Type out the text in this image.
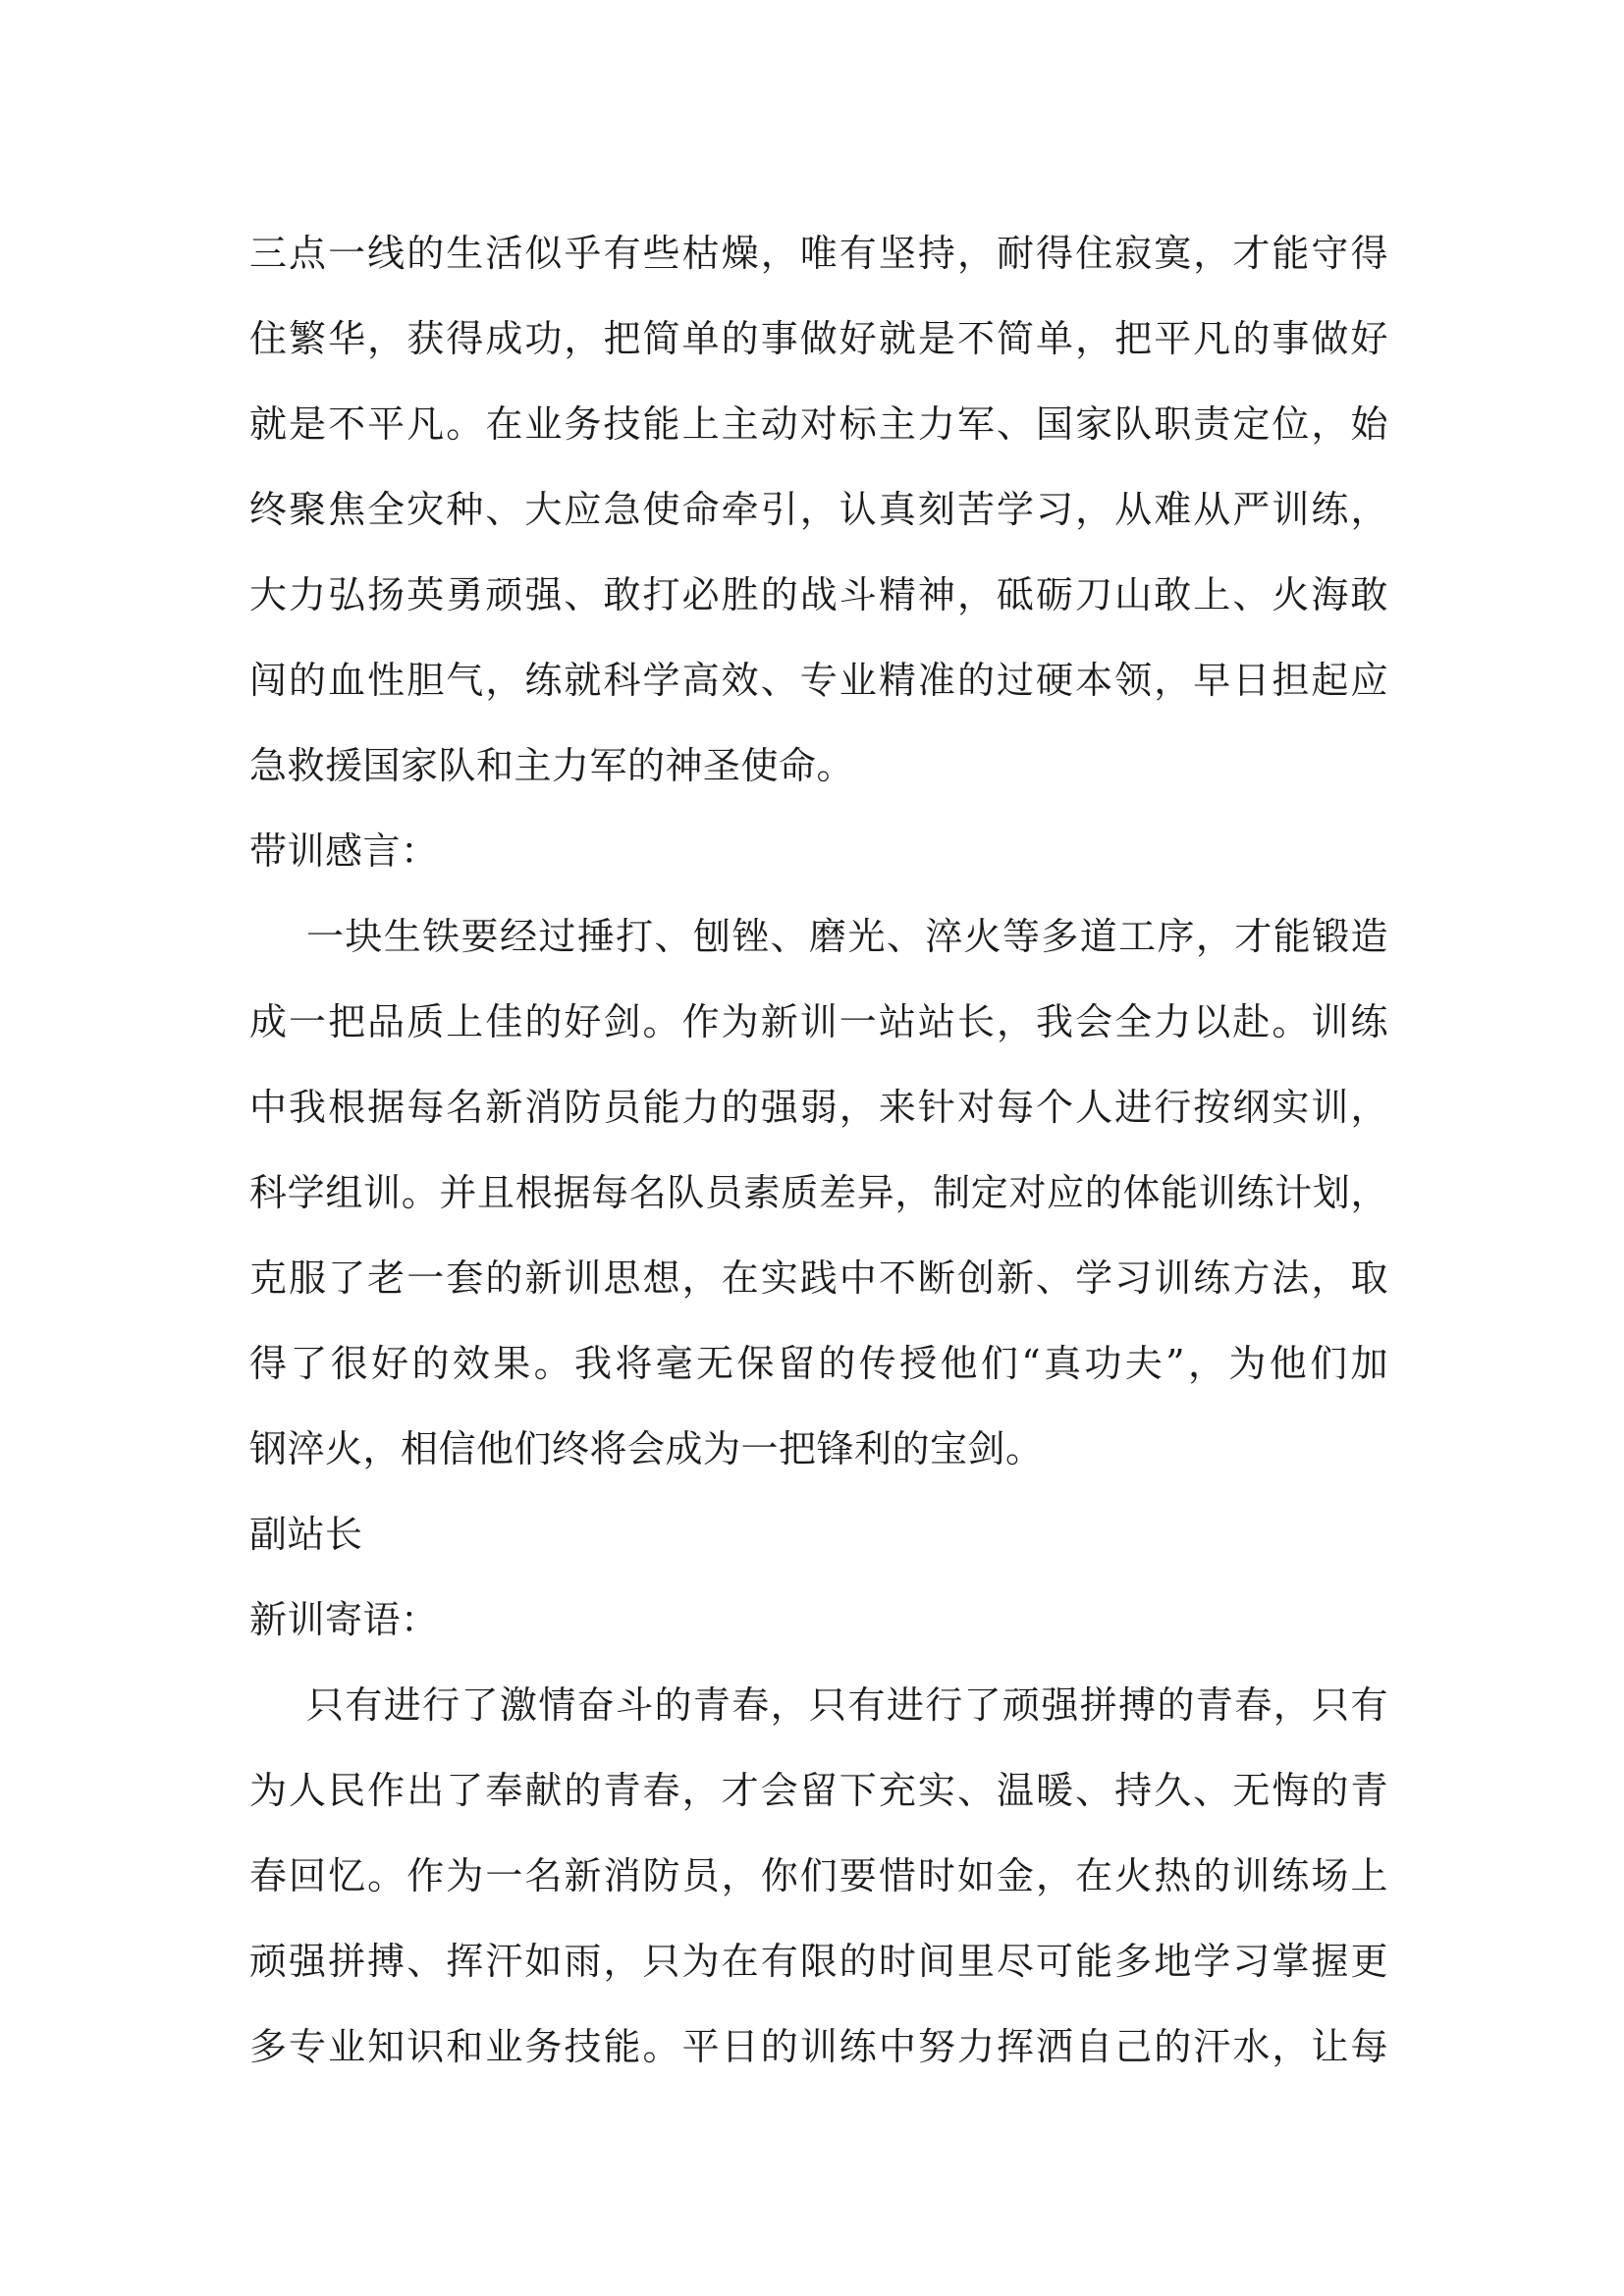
三点一线的生活似乎有些枯燥，唯有坚持，耐得住寂寞，才能守得
住繁华，获得成功，把简单的事做好就是不简单，把平凡的事做好
就是不平凡。在业务技能上主动对标主力军、国家队职责定位，始
终聚焦全灾种、大应急使命牵引，认真刻苦学习，从难从严训练，
大力弘扬英勇顽强、敢打必胜的战斗精神，砥砺刀山敢上、火海敢
闯的血性胆气，练就科学高效、专业精准的过硬本领，早日担起应
急救援国家队和主力军的神圣使命。
带训感言：
一块生铁要经过捶打、刨锉、磨光、淬火等多道工序，才能锻造
成一把品质上佳的好剑。作为新训一站站长，我会全力以赴。训练
中我根据每名新消防员能力的强弱，来针对每个人进行按纲实训，
科学组训。并且根据每名队员素质差异，制定对应的体能训练计划，
克服了老一套的新训思想，在实践中不断创新、学习训练方法，取
得了很好的效果。我将毫无保留的传授他们“真功夫”，为他们加
钢淬火，相信他们终将会成为一把锋利的宝剑。
副站长
新训寄语：
只有进行了激情奋斗的青春，只有进行了顽强拼搏的青春，只有
为人民作出了奉献的青春，才会留下充实、温暖、持久、无悔的青
春回忆。作为一名新消防员，你们要惜时如金，在火热的训练场上
顽强拼搏、挥汗如雨，只为在有限的时间里尽可能多地学习掌握更
多专业知识和业务技能。平日的训练中努力挥洒自己的汗水，让每
